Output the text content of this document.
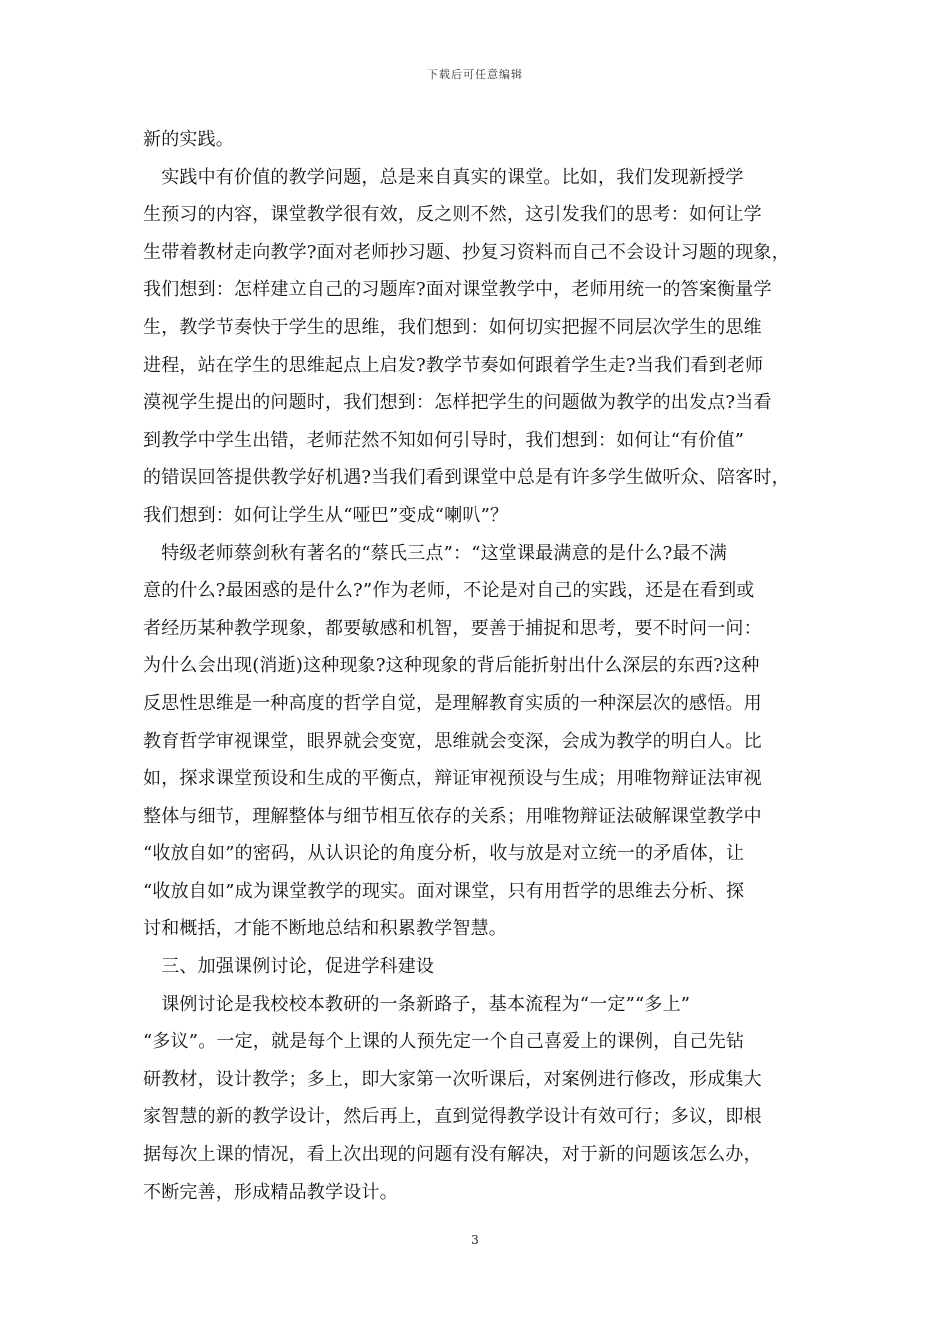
下载后可任意编辑
新的实践。
　实践中有价值的教学问题，总是来自真实的课堂。比如，我们发现新授学
生预习的内容，课堂教学很有效，反之则不然，这引发我们的思考：如何让学
生带着教材走向教学?面对老师抄习题、抄复习资料而自己不会设计习题的现象，
我们想到：怎样建立自己的习题库?面对课堂教学中，老师用统一的答案衡量学
生，教学节奏快于学生的思维，我们想到：如何切实把握不同层次学生的思维
进程，站在学生的思维起点上启发?教学节奏如何跟着学生走?当我们看到老师
漠视学生提出的问题时，我们想到：怎样把学生的问题做为教学的出发点?当看
到教学中学生出错，老师茫然不知如何引导时，我们想到：如何让“有价值”
的错误回答提供教学好机遇?当我们看到课堂中总是有许多学生做听众、陪客时，
我们想到：如何让学生从“哑巴”变成“喇叭”？
　特级老师蔡剑秋有著名的“蔡氏三点”：“这堂课最满意的是什么?最不满
意的什么?最困惑的是什么?”作为老师，不论是对自己的实践，还是在看到或
者经历某种教学现象，都要敏感和机智，要善于捕捉和思考，要不时问一问：
为什么会出现(消逝)这种现象?这种现象的背后能折射出什么深层的东西?这种
反思性思维是一种高度的哲学自觉，是理解教育实质的一种深层次的感悟。用
教育哲学审视课堂，眼界就会变宽，思维就会变深，会成为教学的明白人。比
如，探求课堂预设和生成的平衡点，辩证审视预设与生成；用唯物辩证法审视
整体与细节，理解整体与细节相互依存的关系；用唯物辩证法破解课堂教学中
“收放自如”的密码，从认识论的角度分析，收与放是对立统一的矛盾体，让
“收放自如”成为课堂教学的现实。面对课堂，只有用哲学的思维去分析、探
讨和概括，才能不断地总结和积累教学智慧。
　三、加强课例讨论，促进学科建设
　课例讨论是我校校本教研的一条新路子，基本流程为“一定”“多上”
“多议”。一定，就是每个上课的人预先定一个自己喜爱上的课例，自己先钻
研教材，设计教学；多上，即大家第一次听课后，对案例进行修改，形成集大
家智慧的新的教学设计，然后再上，直到觉得教学设计有效可行；多议，即根
据每次上课的情况，看上次出现的问题有没有解决，对于新的问题该怎么办，
不断完善，形成精品教学设计。
3
